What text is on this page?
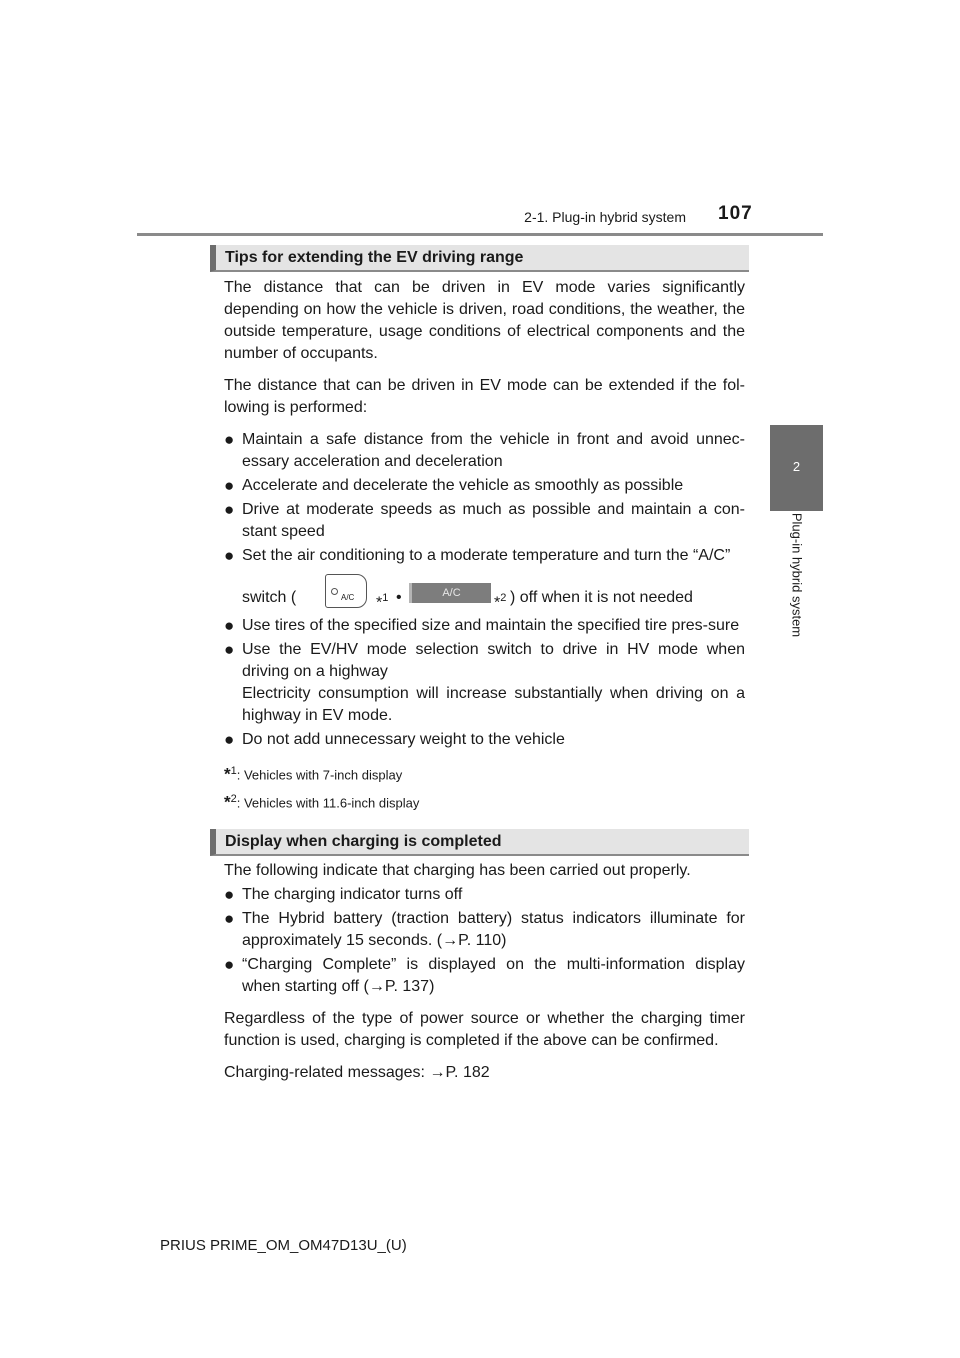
2-1. Plug-in hybrid system 107
2
Plug-in hybrid system
Tips for extending the EV driving range

The distance that can be driven in EV mode varies significantly depending on how the vehicle is driven, road conditions, the weather, the outside temperature, usage conditions of electrical components and the number of occupants.

The distance that can be driven in EV mode can be extended if the fol-lowing is performed:

● Maintain a safe distance from the vehicle in front and avoid unnec-essary acceleration and deceleration
● Accelerate and decelerate the vehicle as smoothly as possible
● Drive at moderate speeds as much as possible and maintain a con-stant speed
● Set the air conditioning to a moderate temperature and turn the “A/C”
switch (	A/C *$^1$ •	A/C
*$^2$ ) off when it is not needed
● Use tires of the specified size and maintain the specified tire pres-sure
● Use the EV/HV mode selection switch to drive in HV mode when driving on a highway
Electricity consumption will increase substantially when driving on a highway in EV mode.
● Do not add unnecessary weight to the vehicle
*$^1$: Vehicles with 7-inch display
*$^2$: Vehicles with 11.6-inch display
Display when charging is completed

The following indicate that charging has been carried out properly.

● The charging indicator turns off
● The Hybrid battery (traction battery) status indicators illuminate for approximately 15 seconds. (→P. 110)
● “Charging Complete” is displayed on the multi-information display when starting off (→P. 137)

Regardless of the type of power source or whether the charging timer function is used, charging is completed if the above can be confirmed.

Charging-related messages: →P. 182

PRIUS PRIME_OM_OM47D13U_(U)
